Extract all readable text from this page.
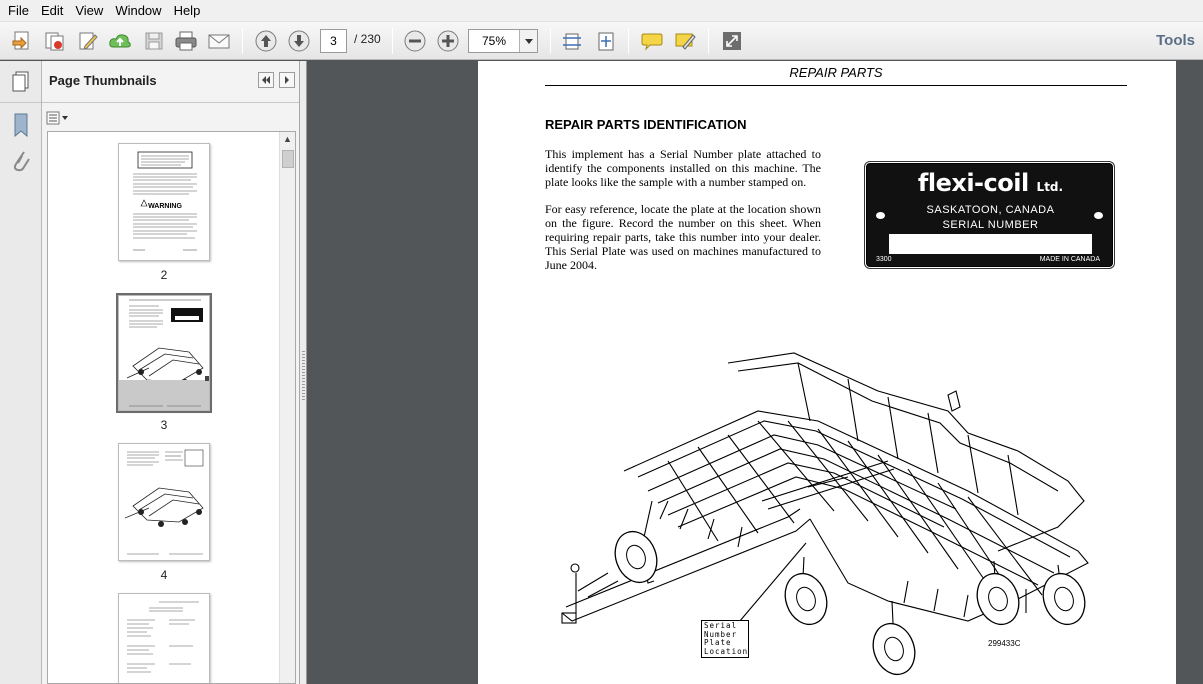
File Edit View Window Help
3
/ 230
75%	Tools
Page Thumbnails
WARNING
2
3
4
▲
REPAIR PARTS
REPAIR PARTS IDENTIFICATION

This implement has a Serial Number plate attached to identify the components installed on this machine. The plate looks like the sample with a number stamped on.

For easy reference, locate the plate at the location shown on the figure. Record the number on this sheet. When requiring repair parts, take this number into your dealer. This Serial Plate was used on machines manufactured to June 2004.

flexi-coil Ltd.
SASKATOON, CANADA
SERIAL NUMBER
3300	MADE IN CANADA
Serial
Number
Plate
Location
299433C
